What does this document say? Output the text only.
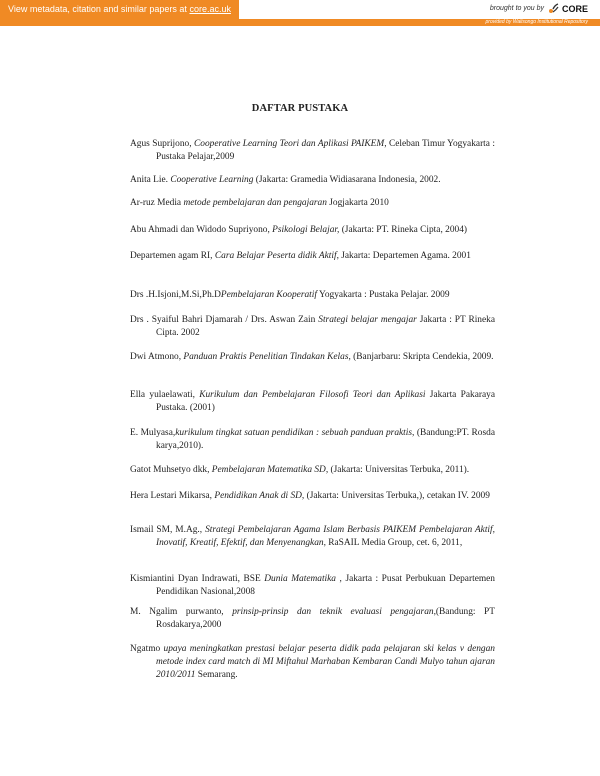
View metadata, citation and similar papers at core.ac.uk	brought to you by CORE
provided by Walisongo Institutional Repository
DAFTAR PUSTAKA
Agus Suprijono, Cooperative Learning Teori dan Aplikasi PAIKEM, Celeban Timur Yogyakarta : Pustaka Pelajar,2009
Anita Lie. Cooperative Learning (Jakarta: Gramedia Widiasarana Indonesia, 2002.
Ar-ruz Media metode pembelajaran dan pengajaran Jogjakarta 2010
Abu Ahmadi dan Widodo Supriyono, Psikologi Belajar, (Jakarta: PT. Rineka Cipta, 2004)
Departemen agam RI, Cara Belajar Peserta didik Aktif, Jakarta: Departemen Agama. 2001
Drs .H.Isjoni,M.Si,Ph.DPembelajaran Kooperatif Yogyakarta : Pustaka Pelajar. 2009
Drs . Syaiful Bahri Djamarah / Drs. Aswan Zain Strategi belajar mengajar Jakarta : PT Rineka Cipta. 2002
Dwi Atmono, Panduan Praktis Penelitian Tindakan Kelas, (Banjarbaru: Skripta Cendekia, 2009.
Ella yulaelawati, Kurikulum dan Pembelajaran Filosofi Teori dan Aplikasi Jakarta Pakaraya Pustaka. (2001)
E. Mulyasa,kurikulum tingkat satuan pendidikan : sebuah panduan praktis, (Bandung:PT. Rosda karya,2010).
Gatot Muhsetyo dkk, Pembelajaran Matematika SD, (Jakarta: Universitas Terbuka, 2011).
Hera Lestari Mikarsa, Pendidikan Anak di SD, (Jakarta: Universitas Terbuka,), cetakan IV. 2009
Ismail SM, M.Ag., Strategi Pembelajaran Agama Islam Berbasis PAIKEM Pembelajaran Aktif, Inovatif, Kreatif, Efektif, dan Menyenangkan, RaSAIL Media Group, cet. 6, 2011,
Kismiantini Dyan Indrawati, BSE Dunia Matematika , Jakarta : Pusat Perbukuan Departemen Pendidikan Nasional,2008
M. Ngalim purwanto, prinsip-prinsip dan teknik evaluasi pengajaran,(Bandung: PT Rosdakarya,2000
Ngatmo upaya meningkatkan prestasi belajar peserta didik pada pelajaran ski kelas v dengan metode index card match di MI Miftahul Marhaban Kembaran Candi Mulyo tahun ajaran 2010/2011 Semarang.
